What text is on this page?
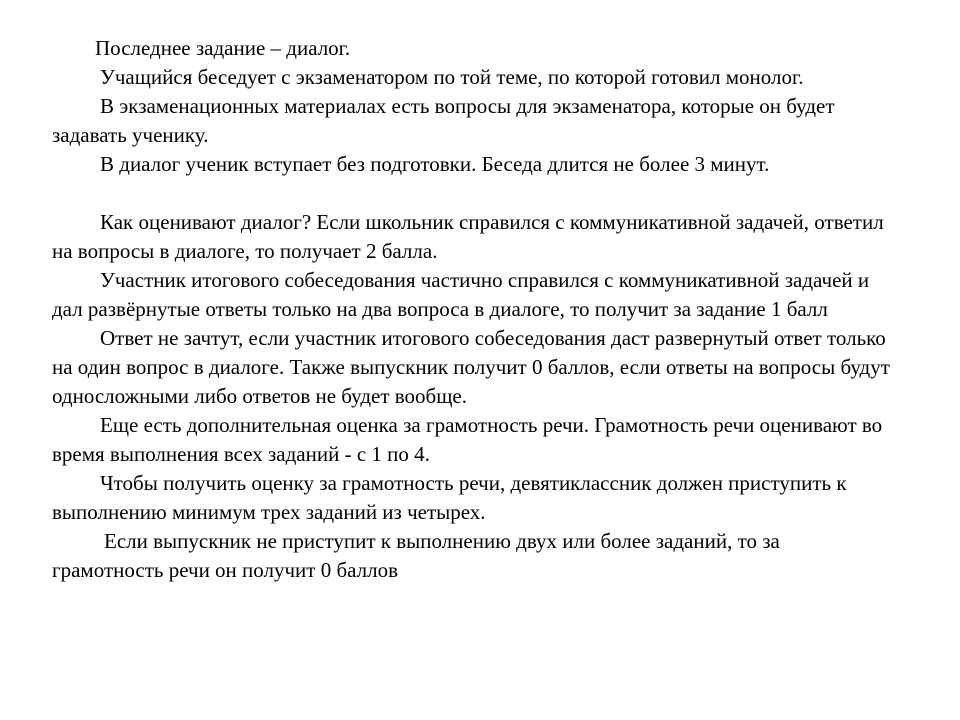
Последнее задание – диалог.

Учащийся беседует с экзаменатором по той теме, по которой готовил монолог.

В экзаменационных материалах есть вопросы для экзаменатора, которые он будет задавать ученику.

В диалог ученик вступает без подготовки. Беседа длится не более 3 минут.

Как оценивают диалог? Если школьник справился с коммуникативной задачей, ответил на вопросы в диалоге, то получает 2 балла.

Участник итогового собеседования частично справился с коммуникативной задачей и дал развёрнутые ответы только на два вопроса в диалоге, то получит за задание 1 балл

Ответ не зачтут, если участник итогового собеседования даст развернутый ответ только на один вопрос в диалоге. Также выпускник получит 0 баллов, если ответы на вопросы будут односложными либо ответов не будет вообще.

Еще есть дополнительная оценка за грамотность речи. Грамотность речи оценивают во время выполнения всех заданий - с 1 по 4.

Чтобы получить оценку за грамотность речи, девятиклассник должен приступить к выполнению минимум трех заданий из четырех.

Если выпускник не приступит к выполнению двух или более заданий, то за грамотность речи он получит 0 баллов
